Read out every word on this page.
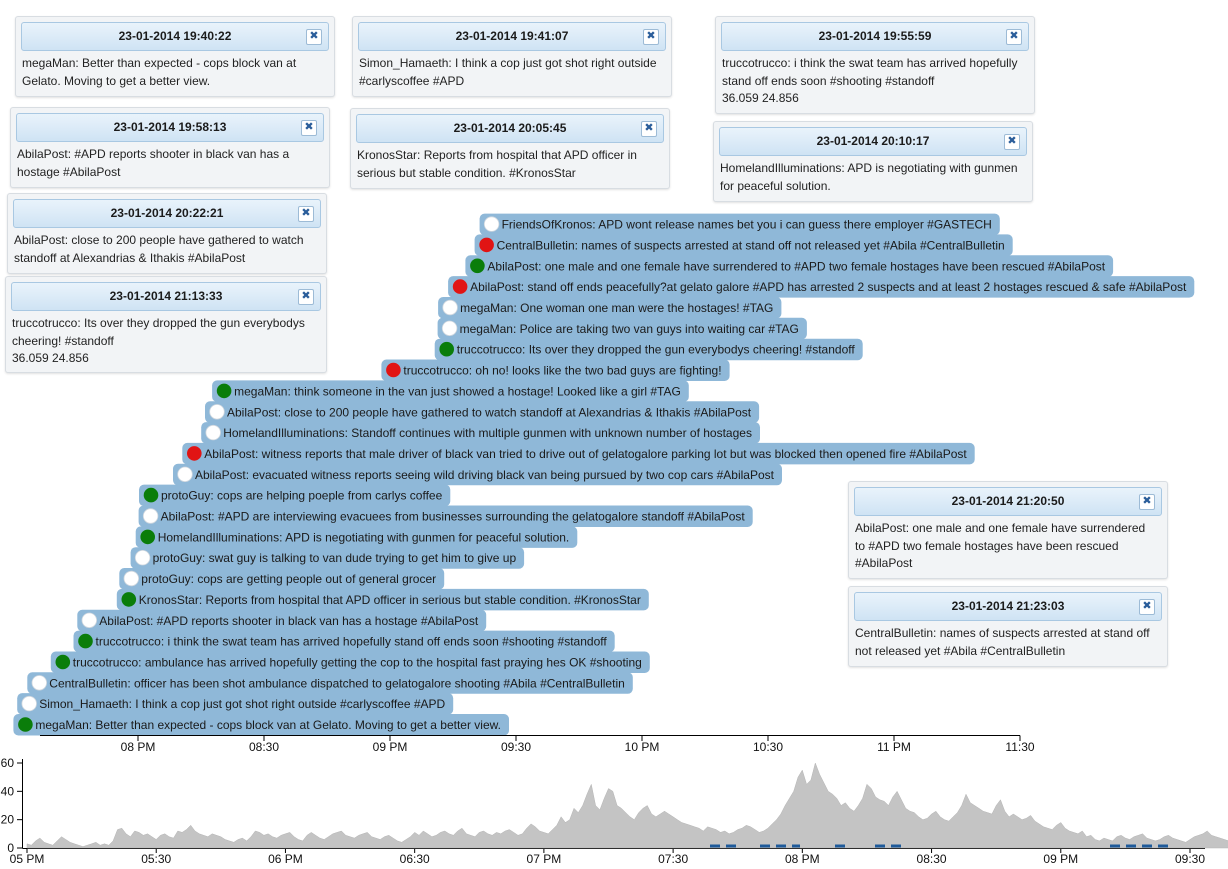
megaMan: Better than expected - cops block van at Gelato. Moving to get a better view.
Simon_Hamaeth: I think a cop just got shot right outside #carlyscoffee #APD
CentralBulletin: officer has been shot ambulance dispatched to gelatogalore shooting #Abila #CentralBulletin
truccotrucco: ambulance has arrived hopefully getting the cop to the hospital fast praying hes OK #shooting
truccotrucco: i think the swat team has arrived hopefully stand off ends soon #shooting #standoff
AbilaPost: #APD reports shooter in black van has a hostage #AbilaPost
KronosStar: Reports from hospital that APD officer in serious but stable condition. #KronosStar
protoGuy: cops are getting people out of general grocer
protoGuy: swat guy is talking to van dude trying to get him to give up
HomelandIlluminations: APD is negotiating with gunmen for peaceful solution.
AbilaPost: #APD are interviewing evacuees from businesses surrounding the gelatogalore standoff #AbilaPost
protoGuy: cops are helping poeple from carlys coffee
AbilaPost: evacuated witness reports seeing wild driving black van being pursued by two cop cars #AbilaPost
AbilaPost: witness reports that male driver of black van tried to drive out of gelatogalore parking lot but was blocked then opened fire #AbilaPost
HomelandIlluminations: Standoff continues with multiple gunmen with unknown number of hostages
AbilaPost: close to 200 people have gathered to watch standoff at Alexandrias & Ithakis #AbilaPost
megaMan: think someone in the van just showed a hostage! Looked like a girl #TAG
truccotrucco: oh no! looks like the two bad guys are fighting!
truccotrucco: Its over they dropped the gun everybodys cheering! #standoff
megaMan: Police are taking two van guys into waiting car #TAG
megaMan: One woman one man were the hostages! #TAG
AbilaPost: stand off ends peacefully?at gelato galore #APD has arrested 2 suspects and at least 2 hostages rescued & safe #AbilaPost
AbilaPost: one male and one female have surrendered to #APD two female hostages have been rescued #AbilaPost
CentralBulletin: names of suspects arrested at stand off not released yet #Abila #CentralBulletin
FriendsOfKronos: APD wont release names bet you i can guess there employer #GASTECH
08 PM	08:30	09 PM	09:30	10 PM	10:30	11 PM	11:30
0
20
40
60
05 PM	05:30	06 PM	06:30	07 PM	07:30	08 PM	08:30	09 PM	09:30
23-01-2014 19:40:22	✖
megaMan: Better than expected - cops block van at
Gelato. Moving to get a better view.
23-01-2014 19:41:07	✖
Simon_Hamaeth: I think a cop just got shot right outside
#carlyscoffee #APD
23-01-2014 19:55:59	✖
truccotrucco: i think the swat team has arrived hopefully
stand off ends soon #shooting #standoff
36.059 24.856
23-01-2014 19:58:13	✖
AbilaPost: #APD reports shooter in black van has a
hostage #AbilaPost
23-01-2014 20:05:45	✖
KronosStar: Reports from hospital that APD officer in
serious but stable condition. #KronosStar
23-01-2014 20:10:17	✖
HomelandIlluminations: APD is negotiating with gunmen
for peaceful solution.
23-01-2014 20:22:21	✖
AbilaPost: close to 200 people have gathered to watch
standoff at Alexandrias & Ithakis #AbilaPost
23-01-2014 21:13:33	✖
truccotrucco: Its over they dropped the gun everybodys
cheering! #standoff
36.059 24.856
23-01-2014 21:20:50	✖
AbilaPost: one male and one female have surrendered
to #APD two female hostages have been rescued
#AbilaPost
23-01-2014 21:23:03	✖
CentralBulletin: names of suspects arrested at stand off
not released yet #Abila #CentralBulletin
